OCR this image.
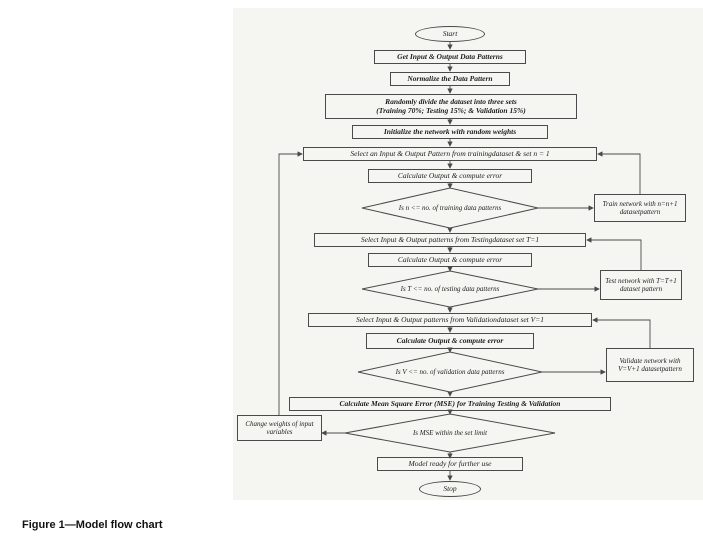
Start
Get Input & Output Data Patterns
Normalize the Data Pattern
Randomly divide the dataset into three sets
(Training 70%; Testing 15%; & Validation 15%)
Initialize the network with random weights
Select an Input & Output Pattern from trainingdataset & set n = 1
Calculate Output & compute error
Is n <= no. of training data patterns
Train network with n=n+1 datasetpattern
Select Input & Output patterns from Testingdataset set T=1
Calculate Output & compute error
Is T <= no. of testing data patterns
Test network with T=T+1 dataset pattern
Select Input & Output patterns from Validationdataset set V=1
Calculate Output & compute error
Is V <= no. of validation data patterns
Validate network with V=V+1 datasetpattern
Calculate Mean Square Error (MSE) for Training Testing & Validation
Is MSE within the set limit
Change weights of input variables
Model ready for further use
Stop
Figure 1—Model flow chart
